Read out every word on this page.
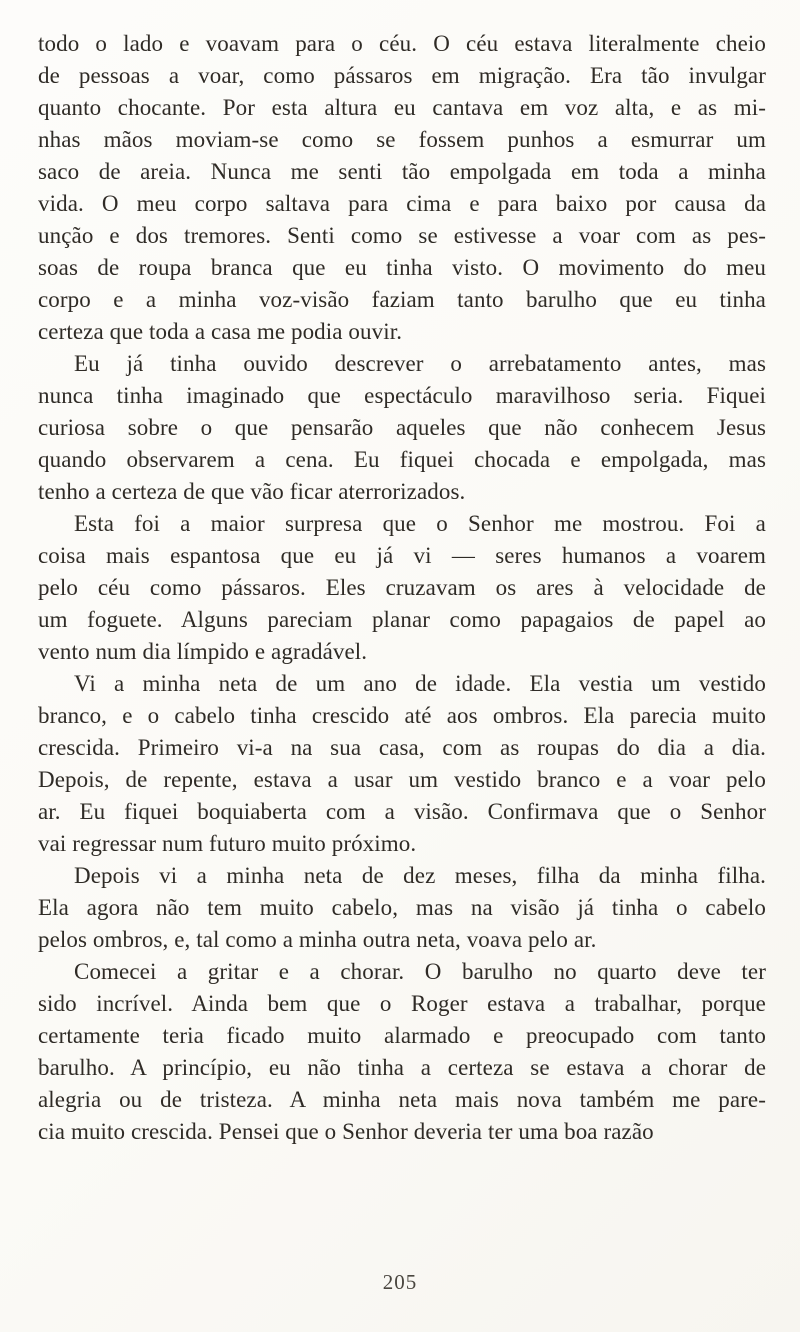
todo o lado e voavam para o céu. O céu estava literalmente cheio
de pessoas a voar, como pássaros em migração. Era tão invulgar
quanto chocante. Por esta altura eu cantava em voz alta, e as mi-
nhas mãos moviam-se como se fossem punhos a esmurrar um
saco de areia. Nunca me senti tão empolgada em toda a minha
vida. O meu corpo saltava para cima e para baixo por causa da
unção e dos tremores. Senti como se estivesse a voar com as pes-
soas de roupa branca que eu tinha visto. O movimento do meu
corpo e a minha voz-visão faziam tanto barulho que eu tinha
certeza que toda a casa me podia ouvir.
Eu já tinha ouvido descrever o arrebatamento antes, mas
nunca tinha imaginado que espectáculo maravilhoso seria. Fiquei
curiosa sobre o que pensarão aqueles que não conhecem Jesus
quando observarem a cena. Eu fiquei chocada e empolgada, mas
tenho a certeza de que vão ficar aterrorizados.
Esta foi a maior surpresa que o Senhor me mostrou. Foi a
coisa mais espantosa que eu já vi — seres humanos a voarem
pelo céu como pássaros. Eles cruzavam os ares à velocidade de
um foguete. Alguns pareciam planar como papagaios de papel ao
vento num dia límpido e agradável.
Vi a minha neta de um ano de idade. Ela vestia um vestido
branco, e o cabelo tinha crescido até aos ombros. Ela parecia muito
crescida. Primeiro vi-a na sua casa, com as roupas do dia a dia.
Depois, de repente, estava a usar um vestido branco e a voar pelo
ar. Eu fiquei boquiaberta com a visão. Confirmava que o Senhor
vai regressar num futuro muito próximo.
Depois vi a minha neta de dez meses, filha da minha filha.
Ela agora não tem muito cabelo, mas na visão já tinha o cabelo
pelos ombros, e, tal como a minha outra neta, voava pelo ar.
Comecei a gritar e a chorar. O barulho no quarto deve ter
sido incrível. Ainda bem que o Roger estava a trabalhar, porque
certamente teria ficado muito alarmado e preocupado com tanto
barulho. A princípio, eu não tinha a certeza se estava a chorar de
alegria ou de tristeza. A minha neta mais nova também me pare-
cia muito crescida. Pensei que o Senhor deveria ter uma boa razão
205
